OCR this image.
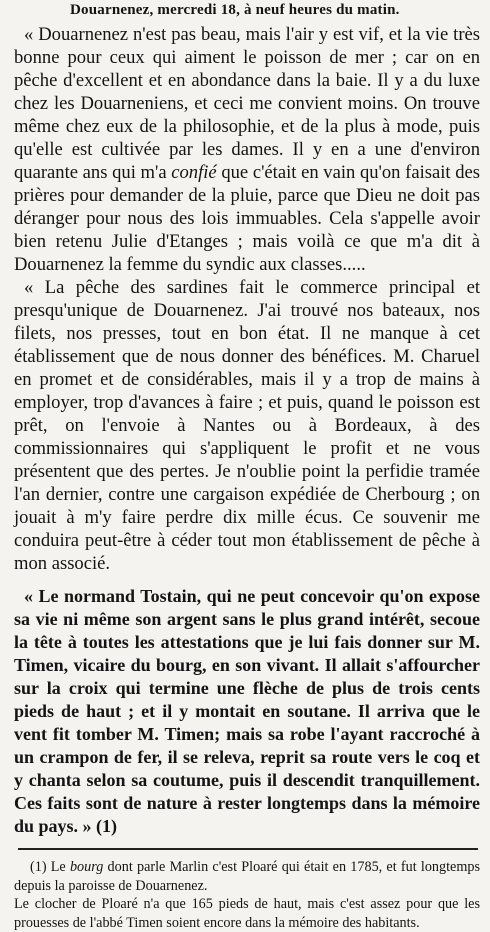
Douarnenez, mercredi 18, à neuf heures du matin.

« Douarnenez n'est pas beau, mais l'air y est vif, et la vie très bonne pour ceux qui aiment le poisson de mer ; car on en pêche d'excellent et en abondance dans la baie. Il y a du luxe chez les Douarneniens, et ceci me convient moins. On trouve même chez eux de la philosophie, et de la plus à mode, puis qu'elle est cultivée par les dames. Il y en a une d'environ quarante ans qui m'a confié que c'était en vain qu'on faisait des prières pour demander de la pluie, parce que Dieu ne doit pas déranger pour nous des lois immuables. Cela s'appelle avoir bien retenu Julie d'Etanges ; mais voilà ce que m'a dit à Douarnenez la femme du syndic aux classes.....

« La pêche des sardines fait le commerce principal et presqu'unique de Douarnenez. J'ai trouvé nos bateaux, nos filets, nos presses, tout en bon état. Il ne manque à cet établissement que de nous donner des bénéfices. M. Charuel en promet et de considérables, mais il y a trop de mains à employer, trop d'avances à faire ; et puis, quand le poisson est prêt, on l'envoie à Nantes ou à Bordeaux, à des commissionnaires qui s'appliquent le profit et ne vous présentent que des pertes. Je n'oublie point la perfidie tramée l'an dernier, contre une cargaison expédiée de Cherbourg ; on jouait à m'y faire perdre dix mille écus. Ce souvenir me conduira peut-être à céder tout mon établissement de pêche à mon associé.

« Le normand Tostain, qui ne peut concevoir qu'on expose sa vie ni même son argent sans le plus grand intérêt, secoue la tête à toutes les attestations que je lui fais donner sur M. Timen, vicaire du bourg, en son vivant. Il allait s'affourcher sur la croix qui termine une flèche de plus de trois cents pieds de haut ; et il y montait en soutane. Il arriva que le vent fit tomber M. Timen; mais sa robe l'ayant raccroché à un crampon de fer, il se releva, reprit sa route vers le coq et y chanta selon sa coutume, puis il descendit tranquillement. Ces faits sont de nature à rester longtemps dans la mémoire du pays. » (1)

(1) Le bourg dont parle Marlin c'est Ploaré qui était en 1785, et fut longtemps depuis la paroisse de Douarnenez.

Le clocher de Ploaré n'a que 165 pieds de haut, mais c'est assez pour que les prouesses de l'abbé Timen soient encore dans la mémoire des habitants.
